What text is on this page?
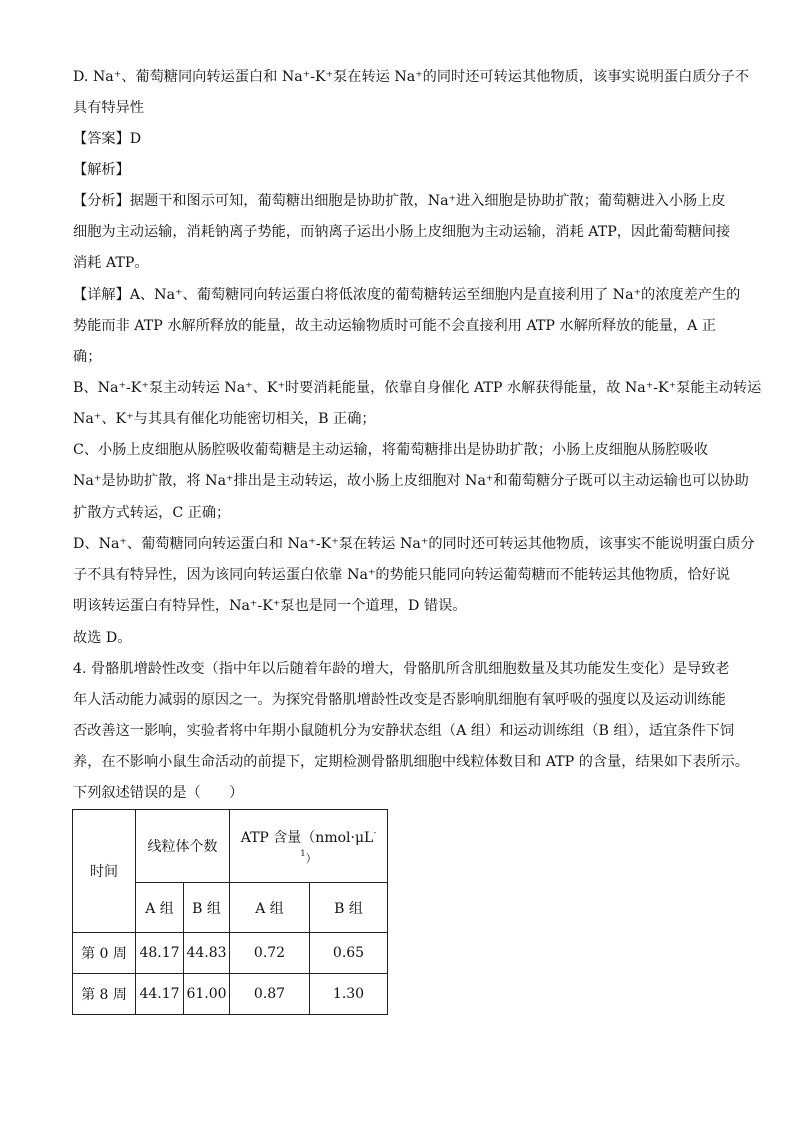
D. Na⁺、葡萄糖同向转运蛋白和 Na⁺-K⁺泵在转运 Na⁺的同时还可转运其他物质，该事实说明蛋白质分子不
具有特异性
【答案】D
【解析】
【分析】据题干和图示可知，葡萄糖出细胞是协助扩散，Na⁺进入细胞是协助扩散；葡萄糖进入小肠上皮
细胞为主动运输，消耗钠离子势能，而钠离子运出小肠上皮细胞为主动运输，消耗 ATP，因此葡萄糖间接
消耗 ATP。
【详解】A、Na⁺、葡萄糖同向转运蛋白将低浓度的葡萄糖转运至细胞内是直接利用了 Na⁺的浓度差产生的
势能而非 ATP 水解所释放的能量，故主动运输物质时可能不会直接利用 ATP 水解所释放的能量，A 正
确；
B、Na⁺-K⁺泵主动转运 Na⁺、K⁺时要消耗能量，依靠自身催化 ATP 水解获得能量，故 Na⁺-K⁺泵能主动转运
Na⁺、K⁺与其具有催化功能密切相关，B 正确；
C、小肠上皮细胞从肠腔吸收葡萄糖是主动运输，将葡萄糖排出是协助扩散；小肠上皮细胞从肠腔吸收
Na⁺是协助扩散，将 Na⁺排出是主动转运，故小肠上皮细胞对 Na⁺和葡萄糖分子既可以主动运输也可以协助
扩散方式转运，C 正确；
D、Na⁺、葡萄糖同向转运蛋白和 Na⁺-K⁺泵在转运 Na⁺的同时还可转运其他物质，该事实不能说明蛋白质分
子不具有特异性，因为该同向转运蛋白依靠 Na⁺的势能只能同向转运葡萄糖而不能转运其他物质，恰好说
明该转运蛋白有特异性，Na⁺-K⁺泵也是同一个道理，D 错误。
故选 D。
4. 骨骼肌增龄性改变（指中年以后随着年龄的增大，骨骼肌所含肌细胞数量及其功能发生变化）是导致老
年人活动能力减弱的原因之一。为探究骨骼肌增龄性改变是否影响肌细胞有氧呼吸的强度以及运动训练能
否改善这一影响，实验者将中年期小鼠随机分为安静状态组（A 组）和运动训练组（B 组），适宜条件下饲
养，在不影响小鼠生命活动的前提下，定期检测骨骼肌细胞中线粒体数目和 ATP 的含量，结果如下表所示。
下列叙述错误的是（　　）
时间	线粒体个数		ATP 含量（nmol·μL-
$^1$）	

	A 组	B 组	A 组	B 组
第 0 周	48.17	44.83	0.72	0.65
第 8 周	44.17	61.00	0.87	1.30
